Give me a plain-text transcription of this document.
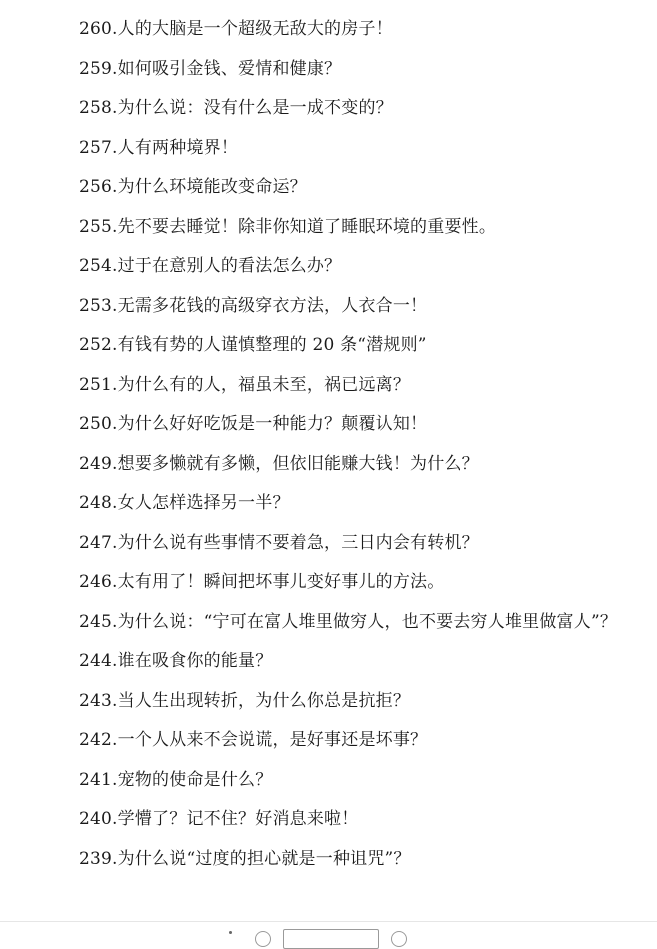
260.人的大脑是一个超级无敌大的房子！
259.如何吸引金钱、爱情和健康？
258.为什么说：没有什么是一成不变的？
257.人有两种境界！
256.为什么环境能改变命运？
255.先不要去睡觉！除非你知道了睡眠环境的重要性。
254.过于在意别人的看法怎么办？
253.无需多花钱的高级穿衣方法，人衣合一！
252.有钱有势的人谨慎整理的 20 条“潜规则”
251.为什么有的人，福虽未至，祸已远离？
250.为什么好好吃饭是一种能力？颠覆认知！
249.想要多懒就有多懒，但依旧能赚大钱！为什么？
248.女人怎样选择另一半？
247.为什么说有些事情不要着急，三日内会有转机？
246.太有用了！瞬间把坏事儿变好事儿的方法。
245.为什么说：“宁可在富人堆里做穷人，也不要去穷人堆里做富人”？
244.谁在吸食你的能量？
243.当人生出现转折，为什么你总是抗拒？
242.一个人从来不会说谎，是好事还是坏事？
241.宠物的使命是什么？
240.学懵了？记不住？好消息来啦！
239.为什么说“过度的担心就是一种诅咒”？
